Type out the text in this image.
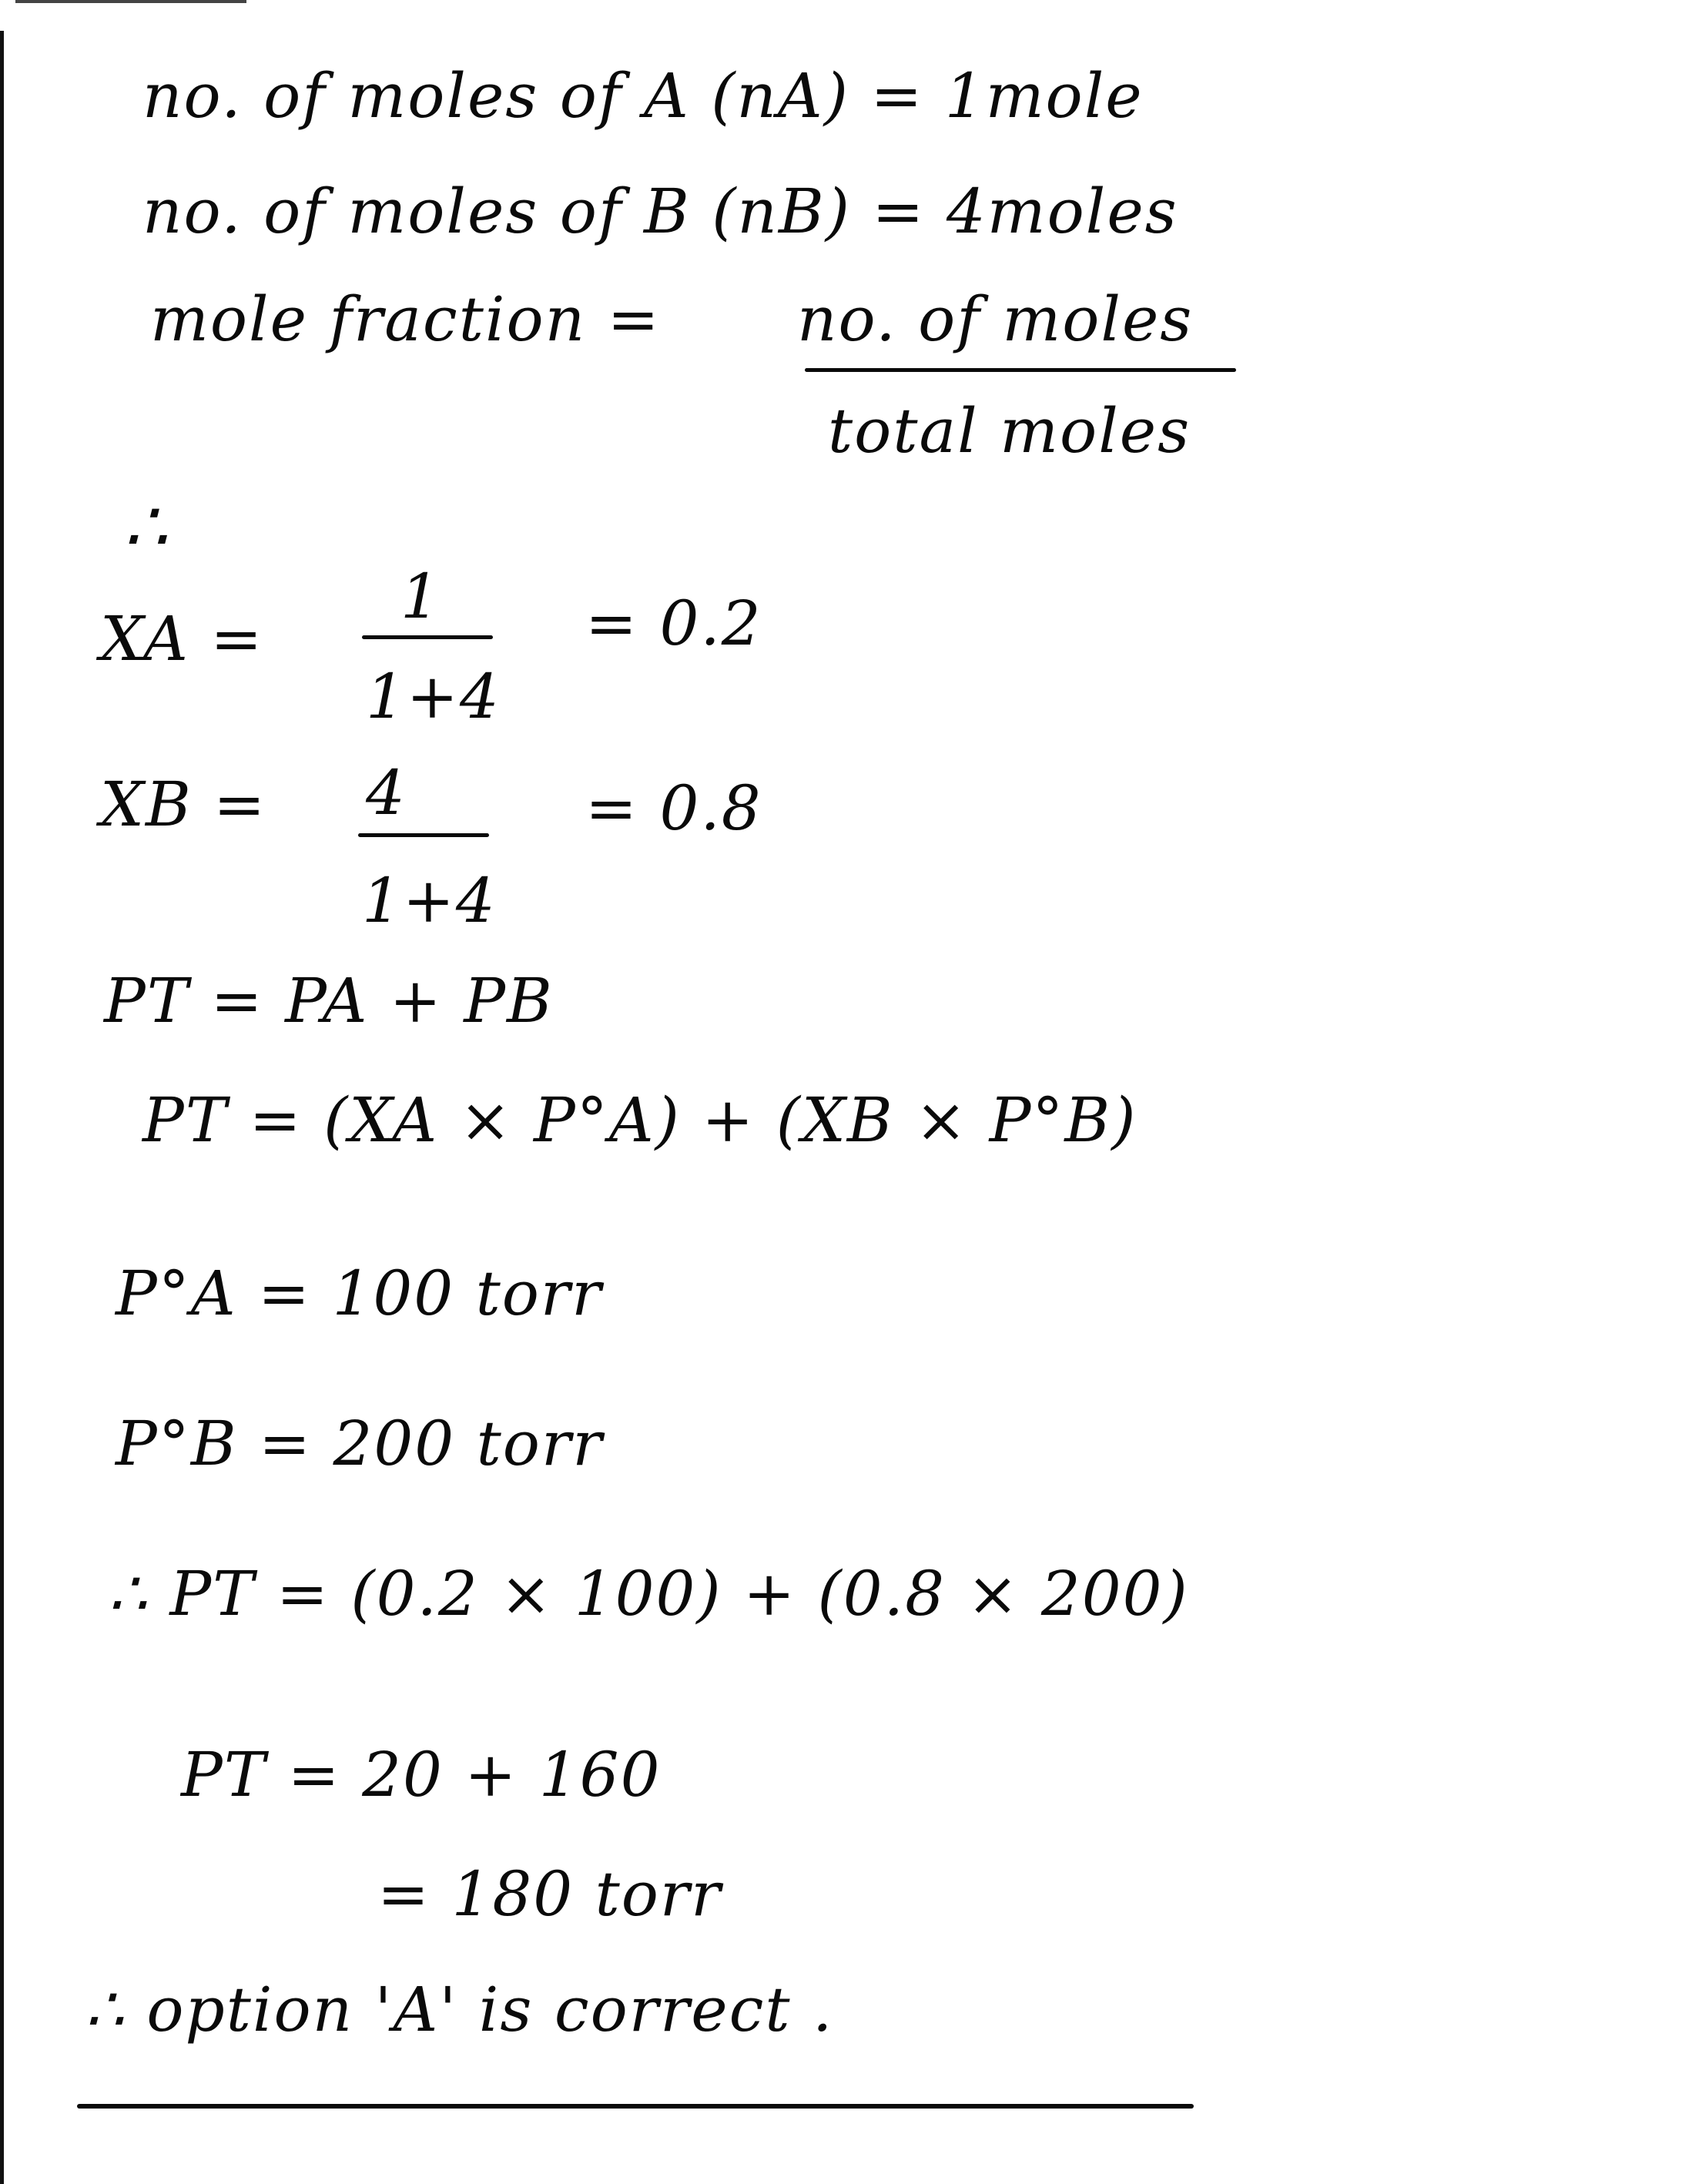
no. of moles of A (nA) = 1mole
no. of moles of B (nB) = 4moles
mole fraction = no. of moles
total moles
∴
XA =
1
1+4
= 0.2
XB = 4
1+4
= 0.8
PT = PA + PB
PT = (XA × P°A) + (XB × P°B)
P°A = 100 torr
P°B = 200 torr
∴ PT = (0.2 × 100) + (0.8 × 200)
PT = 20 + 160
= 180 torr
∴ option 'A' is correct .
